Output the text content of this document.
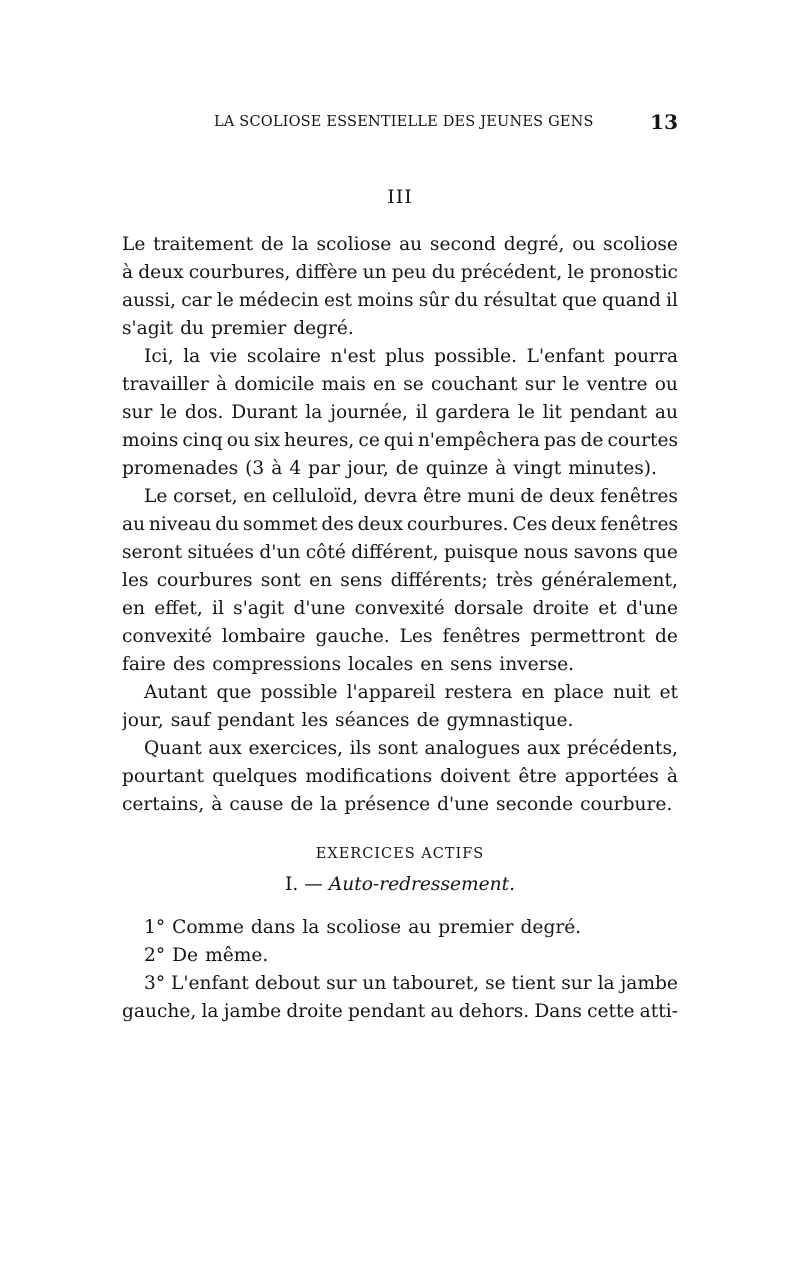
LA SCOLIOSE ESSENTIELLE DES JEUNES GENS	13
III
Le traitement de la scoliose au second degré, ou scoliose
à deux courbures, diffère un peu du précédent, le pronostic
aussi, car le médecin est moins sûr du résultat que quand il
s'agit du premier degré.
Ici, la vie scolaire n'est plus possible. L'enfant pourra
travailler à domicile mais en se couchant sur le ventre ou
sur le dos. Durant la journée, il gardera le lit pendant au
moins cinq ou six heures, ce qui n'empêchera pas de courtes
promenades (3 à 4 par jour, de quinze à vingt minutes).
Le corset, en celluloïd, devra être muni de deux fenêtres
au niveau du sommet des deux courbures. Ces deux fenêtres
seront situées d'un côté différent, puisque nous savons que
les courbures sont en sens différents; très généralement,
en effet, il s'agit d'une convexité dorsale droite et d'une
convexité lombaire gauche. Les fenêtres permettront de
faire des compressions locales en sens inverse.
Autant que possible l'appareil restera en place nuit et
jour, sauf pendant les séances de gymnastique.
Quant aux exercices, ils sont analogues aux précédents,
pourtant quelques modifications doivent être apportées à
certains, à cause de la présence d'une seconde courbure.
EXERCICES ACTIFS
I. — Auto-redressement.
1° Comme dans la scoliose au premier degré.
2° De même.
3° L'enfant debout sur un tabouret, se tient sur la jambe
gauche, la jambe droite pendant au dehors. Dans cette atti-
